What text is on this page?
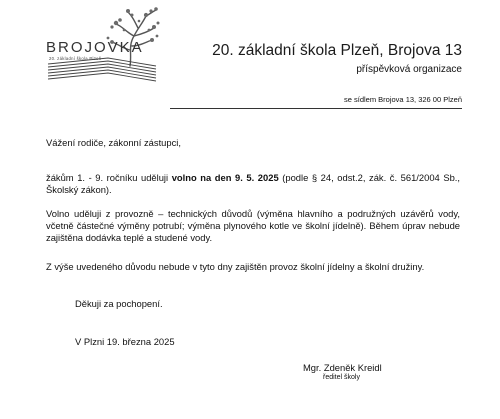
BROJOVKA
20. základní škola Plzeň	20. základní škola Plzeň, Brojova 13
příspěvková organizace
se sídlem Brojova 13, 326 00 Plzeň

Vážení rodiče, zákonní zástupci,

žákům 1. - 9. ročníku uděluji volno na den 9. 5. 2025 (podle § 24, odst.2, zák. č. 561/2004 Sb., Školský zákon).

Volno uděluji z provozně – technických důvodů (výměna hlavního a podružných uzávěrů vody, včetně částečné výměny potrubí; výměna plynového kotle ve školní jídelně). Během úprav nebude zajištěna dodávka teplé a studené vody.

Z výše uvedeného důvodu nebude v tyto dny zajištěn provoz školní jídelny a školní družiny.

Děkuji za pochopení.

V Plzni 19. března 2025

Mgr. Zdeněk Kreidl
ředitel školy
